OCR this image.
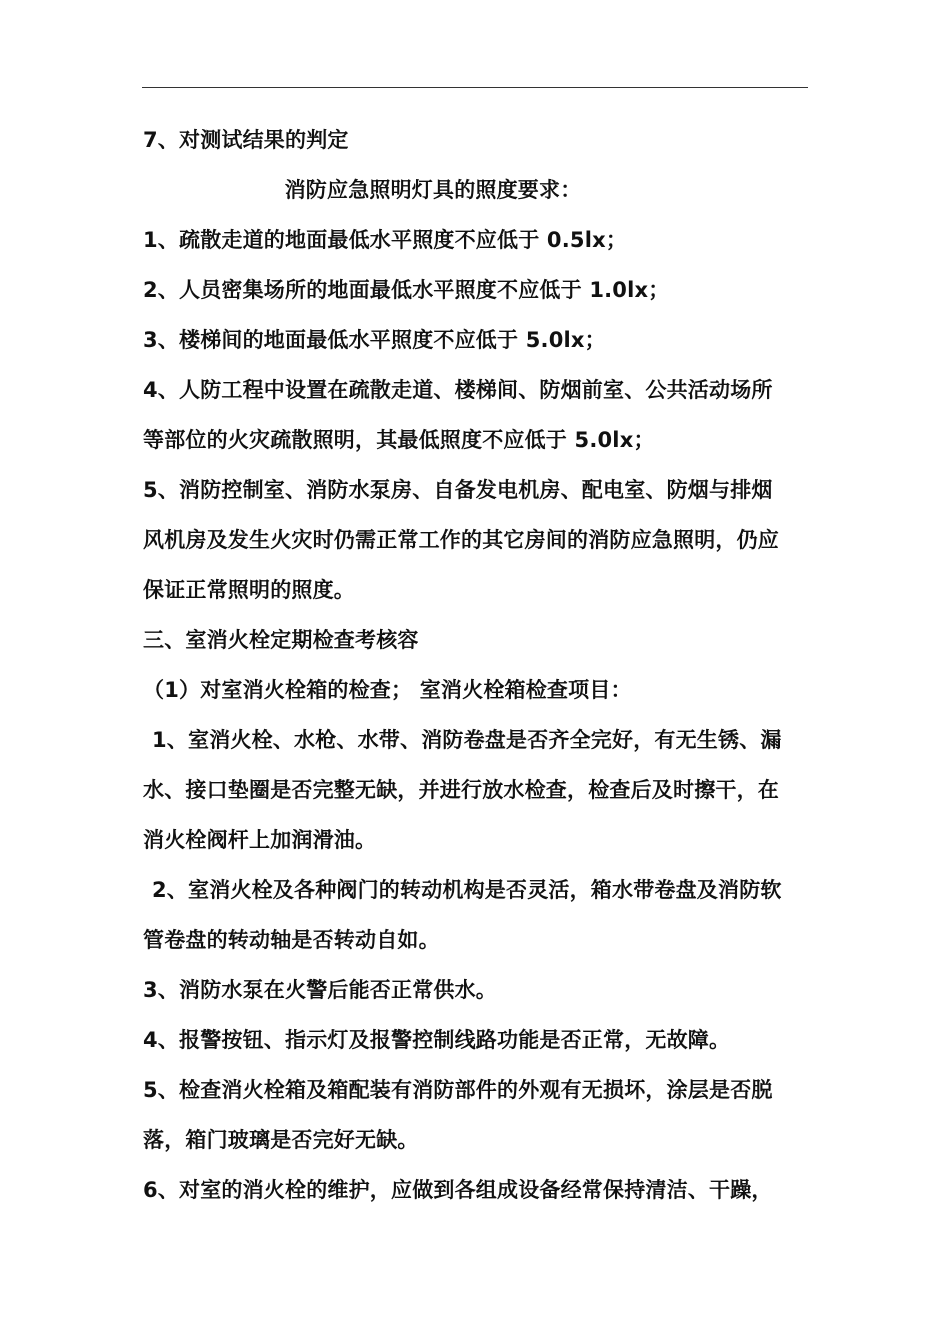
7、对测试结果的判定
消防应急照明灯具的照度要求：
1、疏散走道的地面最低水平照度不应低于 0.5lx；
2、人员密集场所的地面最低水平照度不应低于 1.0lx；
3、楼梯间的地面最低水平照度不应低于 5.0lx；
4、人防工程中设置在疏散走道、楼梯间、防烟前室、公共活动场所
等部位的火灾疏散照明，其最低照度不应低于 5.0lx；
5、消防控制室、消防水泵房、自备发电机房、配电室、防烟与排烟
风机房及发生火灾时仍需正常工作的其它房间的消防应急照明，仍应
保证正常照明的照度。
三、室消火栓定期检查考核容
（1）对室消火栓箱的检查； 室消火栓箱检查项目：
1、室消火栓、水枪、水带、消防卷盘是否齐全完好，有无生锈、漏
水、接口垫圈是否完整无缺，并进行放水检查，检查后及时擦干，在
消火栓阀杆上加润滑油。
2、室消火栓及各种阀门的转动机构是否灵活，箱水带卷盘及消防软
管卷盘的转动轴是否转动自如。
3、消防水泵在火警后能否正常供水。
4、报警按钮、指示灯及报警控制线路功能是否正常，无故障。
5、检查消火栓箱及箱配装有消防部件的外观有无损坏，涂层是否脱
落，箱门玻璃是否完好无缺。
6、对室的消火栓的维护，应做到各组成设备经常保持清洁、干躁，
